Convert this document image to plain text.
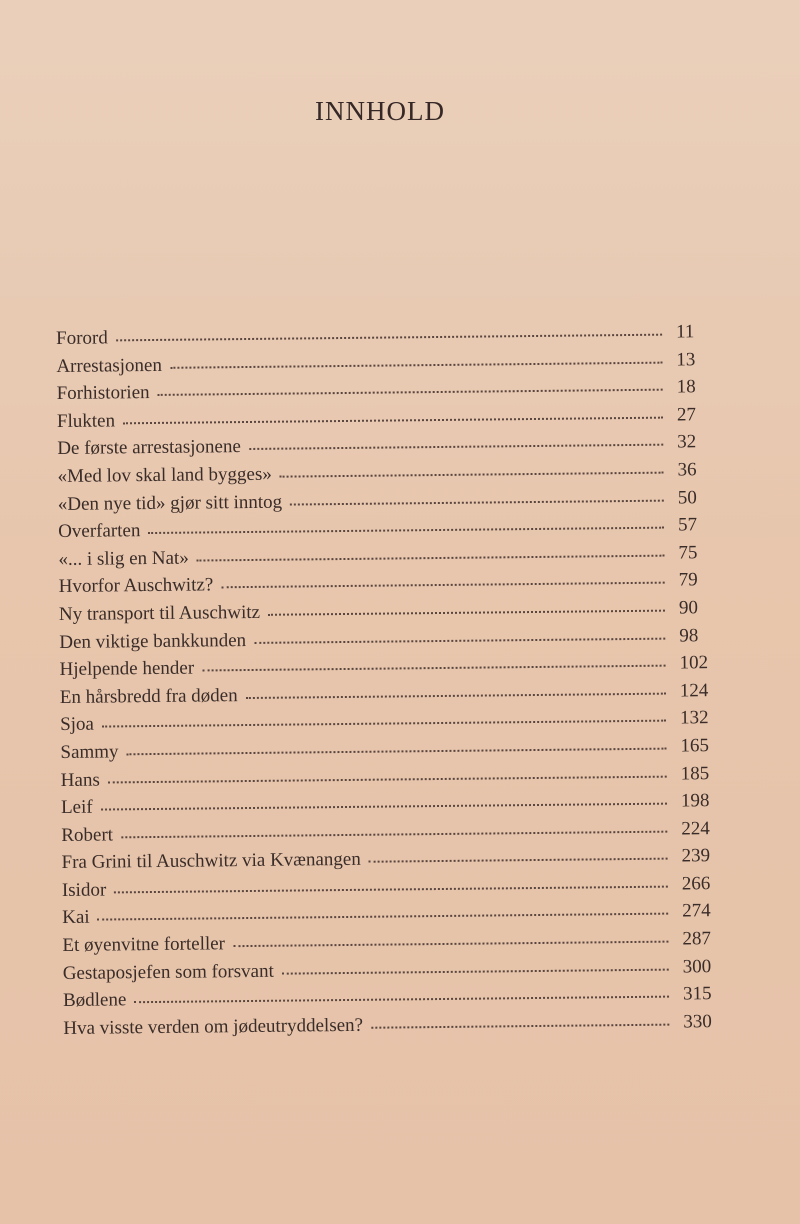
INNHOLD
Forord	11
Arrestasjonen	13
Forhistorien	18
Flukten	27
De første arrestasjonene	32
«Med lov skal land bygges»	36
«Den nye tid» gjør sitt inntog	50
Overfarten	57
«... i slig en Nat»	75
Hvorfor Auschwitz?	79
Ny transport til Auschwitz	90
Den viktige bankkunden	98
Hjelpende hender	102
En hårsbredd fra døden	124
Sjoa	132
Sammy	165
Hans	185
Leif	198
Robert	224
Fra Grini til Auschwitz via Kvænangen	239
Isidor	266
Kai	274
Et øyenvitne forteller	287
Gestaposjefen som forsvant	300
Bødlene	315
Hva visste verden om jødeutryddelsen?	330
